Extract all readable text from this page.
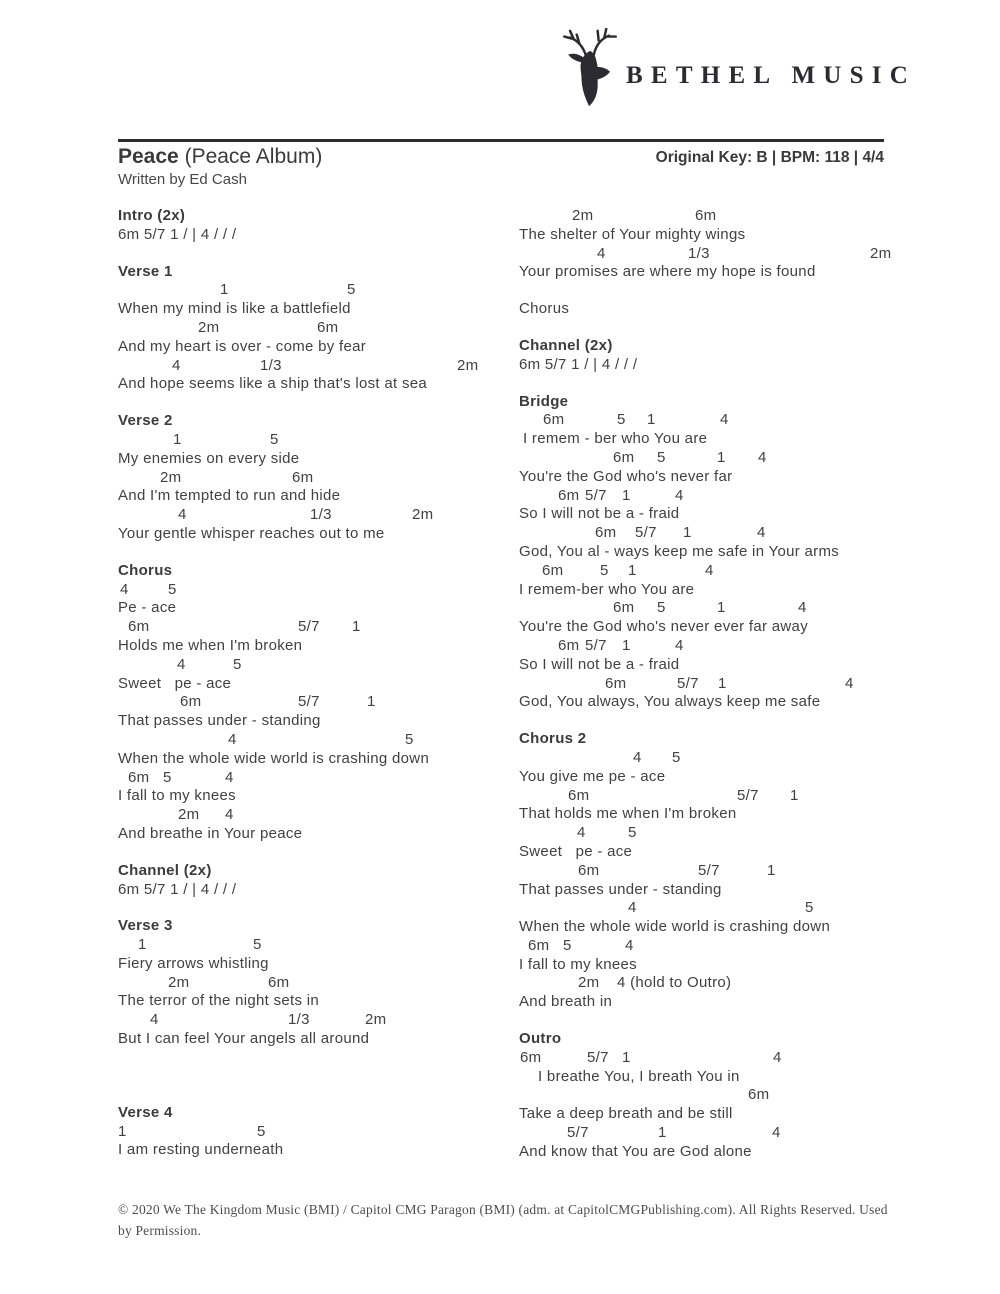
BETHEL MUSIC
Peace (Peace Album)	Original Key: B | BPM: 118 | 4/4
Written by Ed Cash
Intro (2x)
6m 5/7 1 / | 4 / / /
Verse 1

1	5
When my mind is like a battlefield

2m	6m
And my heart is over - come by fear

4	1/3	2m
And hope seems like a ship that's lost at sea
Verse 2

1	5
My enemies on every side

2m	6m
And I'm tempted to run and hide

4	1/3	2m
Your gentle whisper reaches out to me
Chorus

4	5
Pe - ace

6m	5/7 1
Holds me when I'm broken

4	5
Sweet   pe - ace

6m	5/7	1
That passes under - standing

4	5
When the whole wide world is crashing down

6m 5	4
I fall to my knees

2m 4
And breathe in Your peace
Channel (2x)
6m 5/7 1 / | 4 / / /
Verse 3

1	5
Fiery arrows whistling

2m	6m
The terror of the night sets in

4	1/3	2m
But I can feel Your angels all around
Verse 4

1	5
I am resting underneath

2m	6m
The shelter of Your mighty wings

4	1/3	2m
Your promises are where my hope is found
Chorus
Channel (2x)
6m 5/7 1 / | 4 / / /
Bridge

6m	5 1	4
I remem - ber who You are

6m 5	1 4
You're the God who's never far

6m 5/7 1	4
So I will not be a - fraid

6m 5/7 1	4
God, You al - ways keep me safe in Your arms

6m 5 1	4
I remem-ber who You are

6m 5	1	4
You're the God who's never ever far away

6m 5/7 1	4
So I will not be a - fraid

6m	5/7 1	4
God, You always, You always keep me safe
Chorus 2

4 5
You give me pe - ace

6m	5/7 1
That holds me when I'm broken

4	5
Sweet   pe - ace

6m	5/7	1
That passes under - standing

4	5
When the whole wide world is crashing down

6m 5	4
I fall to my knees

2m 4 (hold to Outro)
And breath in
Outro

6m	5/7 1	4
I breathe You, I breath You in

6m
Take a deep breath and be still

5/7	1	4
And know that You are God alone
© 2020 We The Kingdom Music (BMI) / Capitol CMG Paragon (BMI) (adm. at CapitolCMGPublishing.com). All Rights Reserved. Used by Permission.
